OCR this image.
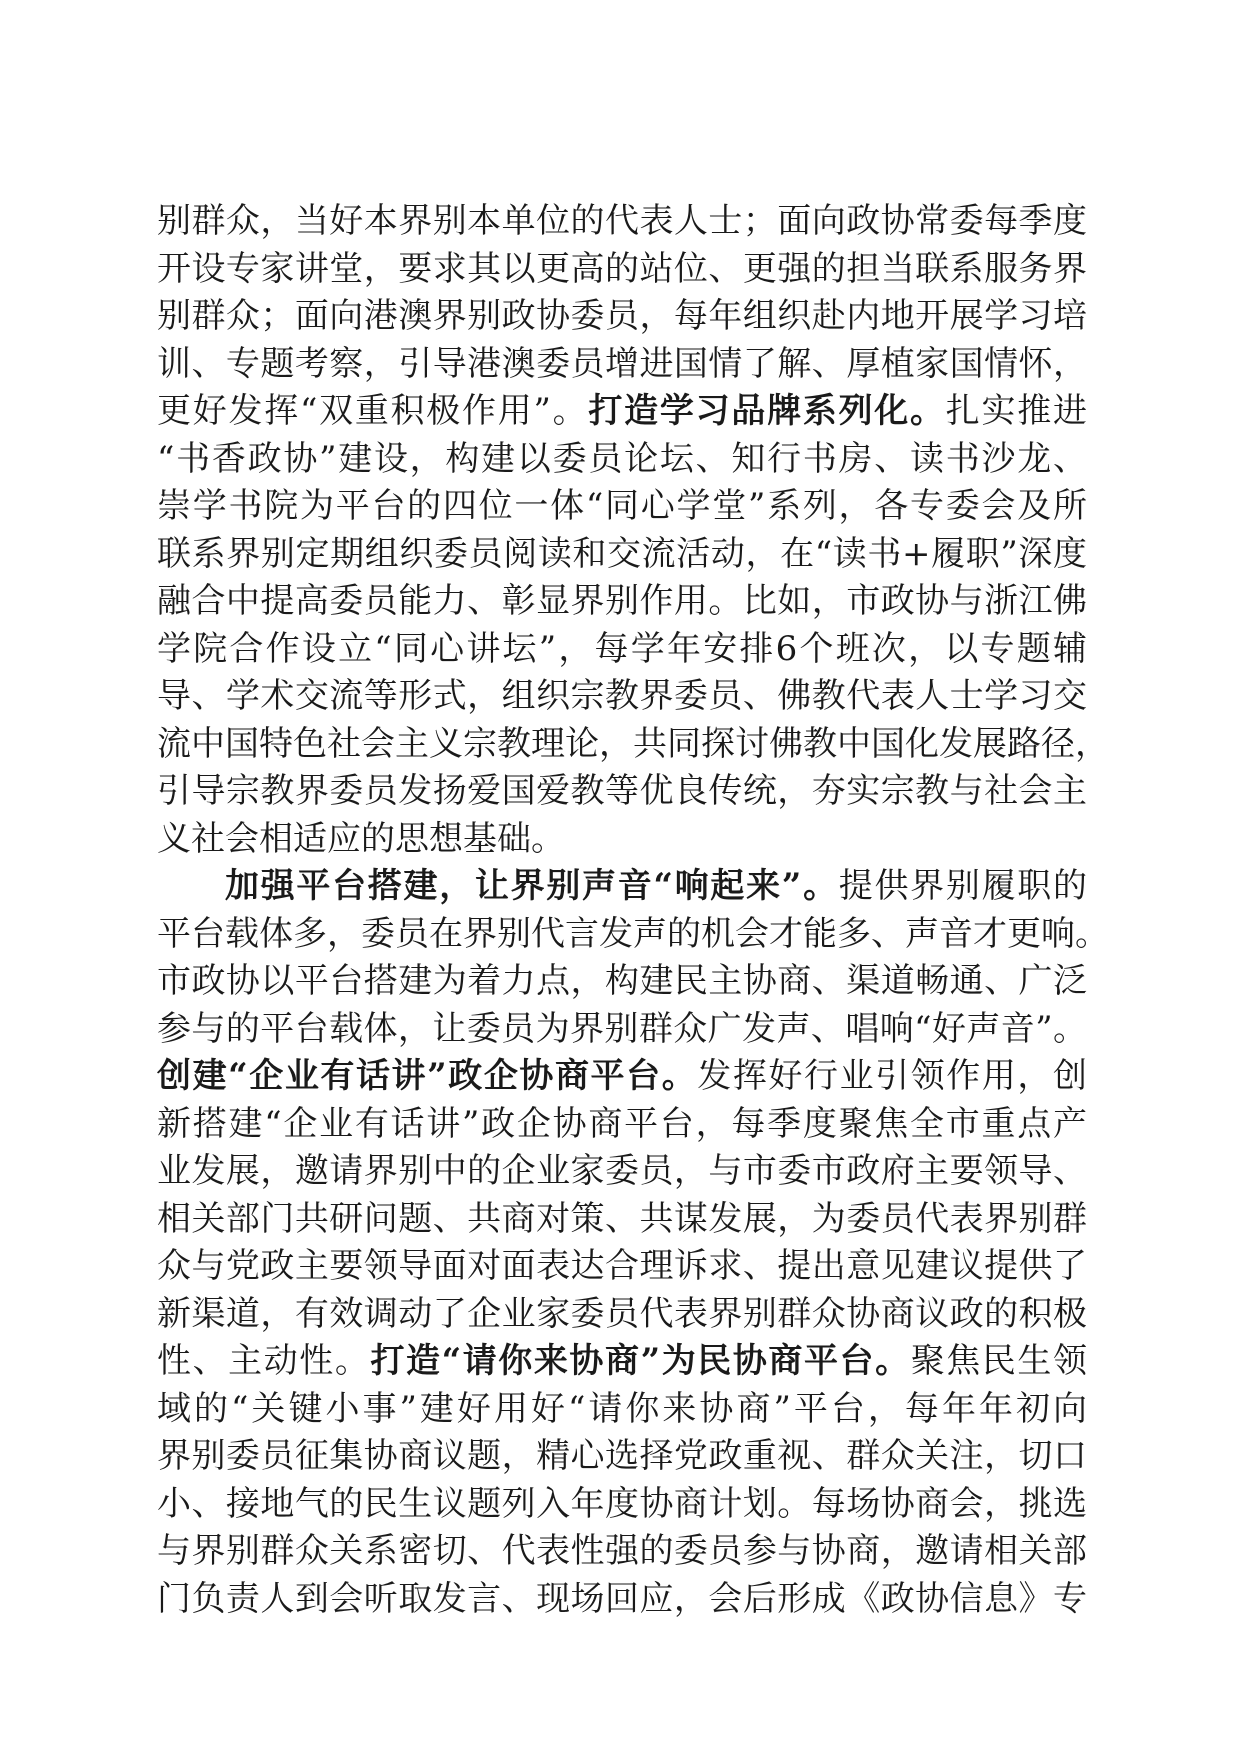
别群众，当好本界别本单位的代表人士；面向政协常委每季度
开设专家讲堂，要求其以更高的站位、更强的担当联系服务界
别群众；面向港澳界别政协委员，每年组织赴内地开展学习培
训、专题考察，引导港澳委员增进国情了解、厚植家国情怀，
更好发挥“双重积极作用”。打造学习品牌系列化。扎实推进
“书香政协”建设，构建以委员论坛、知行书房、读书沙龙、
崇学书院为平台的四位一体“同心学堂”系列，各专委会及所
联系界别定期组织委员阅读和交流活动，在“读书+履职”深度
融合中提高委员能力、彰显界别作用。比如，市政协与浙江佛
学院合作设立“同心讲坛”，每学年安排6个班次，以专题辅
导、学术交流等形式，组织宗教界委员、佛教代表人士学习交
流中国特色社会主义宗教理论，共同探讨佛教中国化发展路径，
引导宗教界委员发扬爱国爱教等优良传统，夯实宗教与社会主
义社会相适应的思想基础。
加强平台搭建，让界别声音“响起来”。提供界别履职的
平台载体多，委员在界别代言发声的机会才能多、声音才更响。
市政协以平台搭建为着力点，构建民主协商、渠道畅通、广泛
参与的平台载体，让委员为界别群众广发声、唱响“好声音”。
创建“企业有话讲”政企协商平台。发挥好行业引领作用，创
新搭建“企业有话讲”政企协商平台，每季度聚焦全市重点产
业发展，邀请界别中的企业家委员，与市委市政府主要领导、
相关部门共研问题、共商对策、共谋发展，为委员代表界别群
众与党政主要领导面对面表达合理诉求、提出意见建议提供了
新渠道，有效调动了企业家委员代表界别群众协商议政的积极
性、主动性。打造“请你来协商”为民协商平台。聚焦民生领
域的“关键小事”建好用好“请你来协商”平台，每年年初向
界别委员征集协商议题，精心选择党政重视、群众关注，切口
小、接地气的民生议题列入年度协商计划。每场协商会，挑选
与界别群众关系密切、代表性强的委员参与协商，邀请相关部
门负责人到会听取发言、现场回应，会后形成《政协信息》专
